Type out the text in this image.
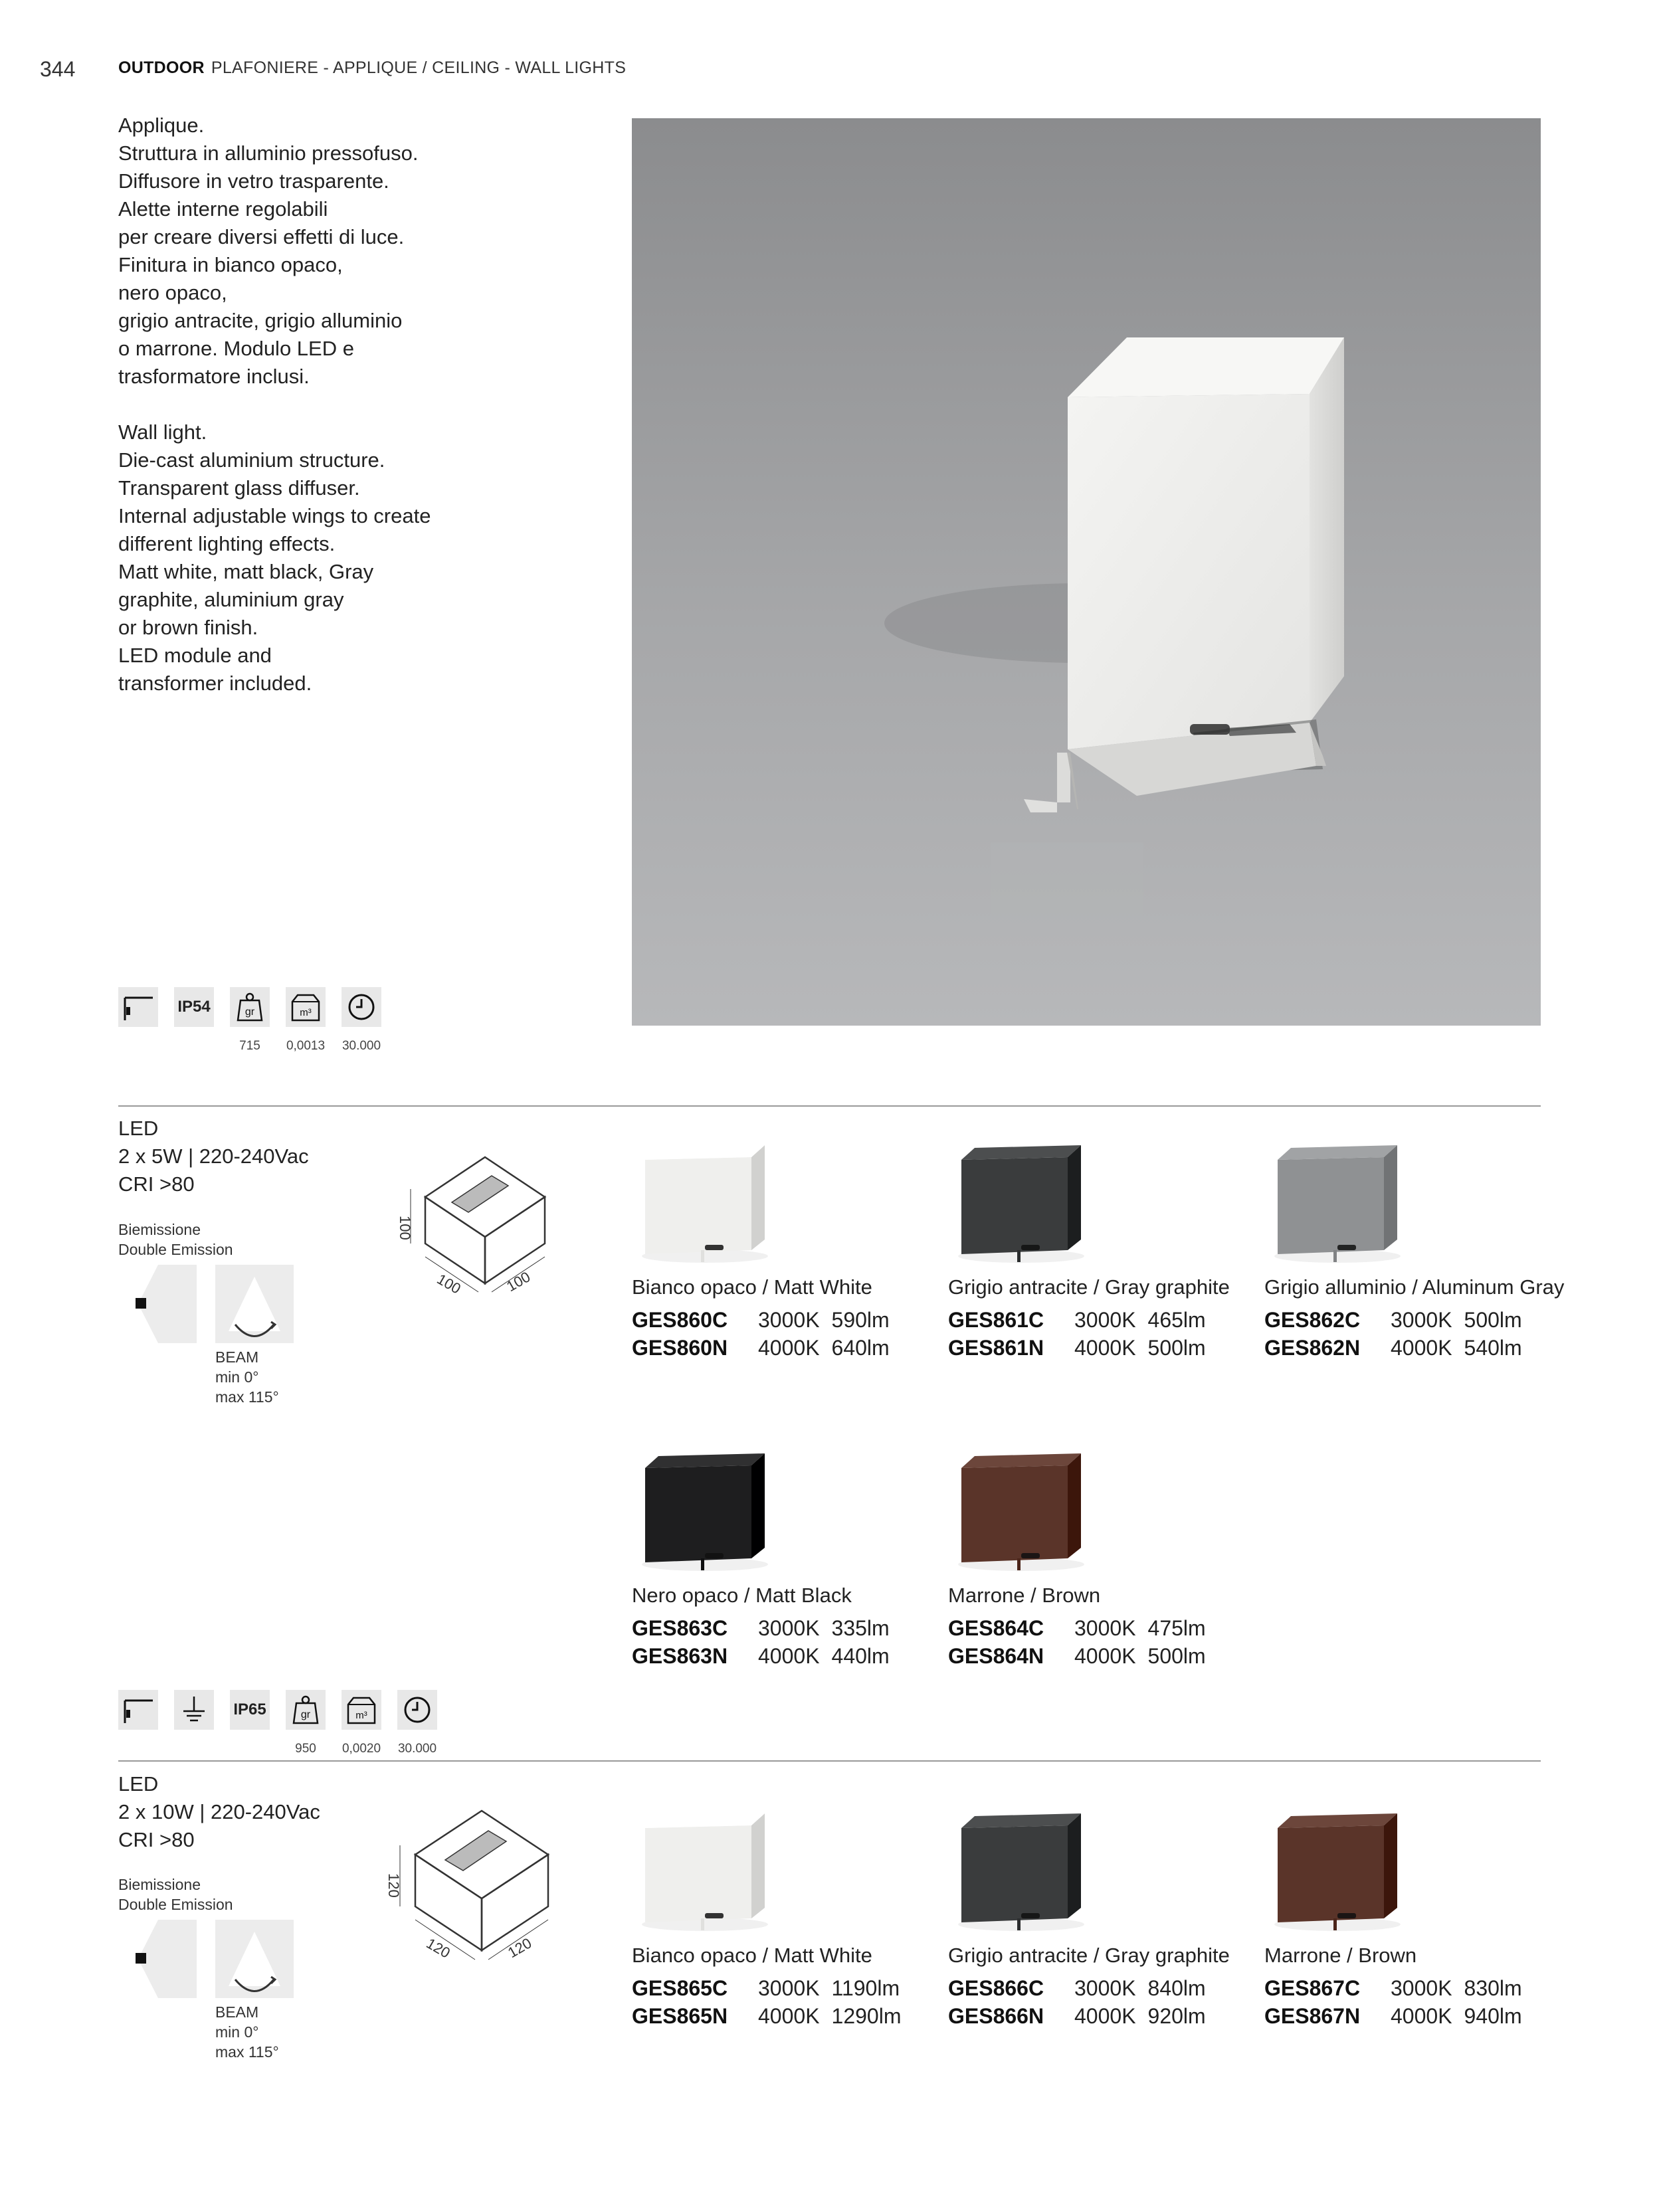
344	OUTDOOR PLAFONIERE - APPLIQUE / CEILING - WALL LIGHTS

Applique.

Struttura in alluminio pressofuso.

Diffusore in vetro trasparente.

Alette interne regolabili

per creare diversi effetti di luce.

Finitura in bianco opaco,

nero opaco,

grigio antracite, grigio alluminio

o marrone. Modulo LED e

trasformatore inclusi.

Wall light.

Die-cast aluminium structure.

Transparent glass diffuser.

Internal adjustable wings to create

different lighting effects.

Matt white, matt black, Gray

graphite, aluminium gray

or brown finish.

LED module and

transformer included.

IP54	gr
715
m³
0,0013	30.000

LED

2 x 5W | 220-240Vac

CRI >80

Biemissione

Double Emission

BEAM

min 0°

max 115°

100
100	100
IP65	gr
950
m³
0,0020	30.000

LED

2 x 10W | 220-240Vac

CRI >80

Biemissione

Double Emission

BEAM

min 0°

max 115°

120
120	120
Bianco opaco / Matt White
GES860C 3000K 590lm
GES860N 4000K 640lm
Grigio antracite / Gray graphite
GES861C 3000K 465lm
GES861N 4000K 500lm
Grigio alluminio / Aluminum Gray
GES862C 3000K 500lm
GES862N 4000K 540lm
Nero opaco / Matt Black
GES863C 3000K 335lm
GES863N 4000K 440lm
Marrone / Brown
GES864C 3000K 475lm
GES864N 4000K 500lm
Bianco opaco / Matt White
GES865C 3000K 1190lm
GES865N 4000K 1290lm
Grigio antracite / Gray graphite
GES866C 3000K 840lm
GES866N 4000K 920lm
Marrone / Brown
GES867C 3000K 830lm
GES867N 4000K 940lm
